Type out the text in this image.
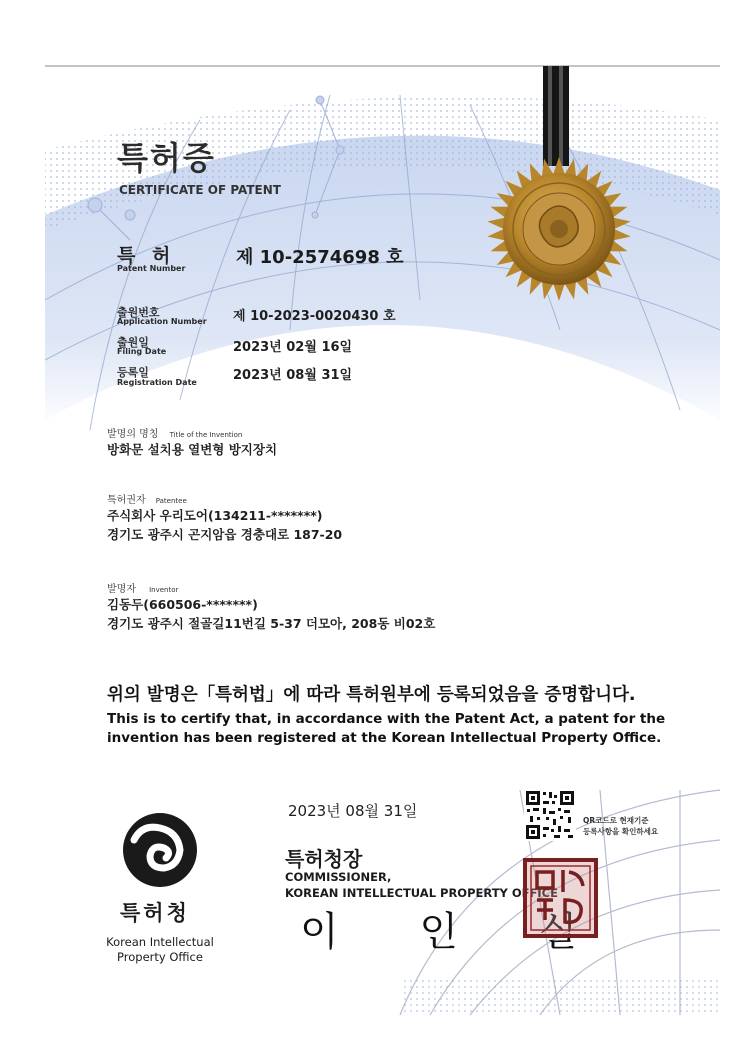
특허증
CERTIFICATE OF PATENT
특 허
Patent Number
제 10-2574698 호
출원번호
Application Number 제 10-2023-0020430 호
출원일
Filing Date	2023년 02월 16일
등록일
Registration Date	2023년 08월 31일
발명의 명칭 Title of the Invention
방화문 설치용 열변형 방지장치
특허권자 Patentee
주식회사 우리도어(134211-*******)
경기도 광주시 곤지암읍 경충대로 187-20
발명자 Inventor
김동두(660506-*******)
경기도 광주시 절골길11번길 5-37 더모아, 208동 비02호
위의 발명은「특허법」에 따라 특허원부에 등록되었음을 증명합니다.
This is to certify that, in accordance with the Patent Act, a patent for the invention has been registered at the Korean Intellectual Property Office.
2023년 08월 31일
QR코드로 현재기준
등록사항을 확인하세요
특허청장
COMMISSIONER,
KOREAN INTELLECTUAL PROPERTY OFFICE
이 인 실
특허청
Korean Intellectual Property Office
